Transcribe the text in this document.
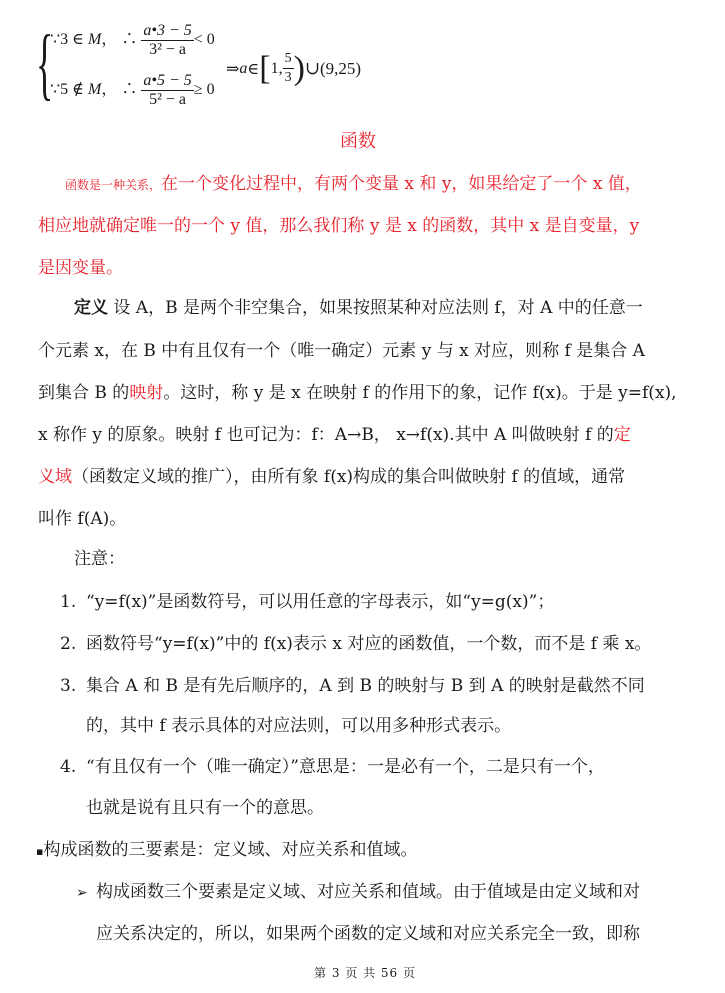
{
∵3 ∈ M， ∴ $\frac{a•3 - 5}{\text{3² − a}} < 0$
∵5 ∉ M， ∴ $\frac{a•5 - 5}{\text{5² − a}} \ge 0$
⇒ a ∈ [ 1, $\frac{5}{3}$ ) ∪ (9,25)
函数
函数是一种关系，在一个变化过程中，有两个变量 x 和 y，如果给定了一个 x 值，
相应地就确定唯一的一个 y 值，那么我们称 y 是 x 的函数，其中 x 是自变量，y
是因变量。
定义 设 A，B 是两个非空集合，如果按照某种对应法则 f，对 A 中的任意一
个元素 x，在 B 中有且仅有一个（唯一确定）元素 y 与 x 对应，则称 f 是集合 A
到集合 B 的映射。这时，称 y 是 x 在映射 f 的作用下的象，记作 f(x)。于是 y=f(x),
x 称作 y 的原象。映射 f 也可记为：f：A→B， x→f(x).其中 A 叫做映射 f 的定
义域（函数定义域的推广），由所有象 f(x)构成的集合叫做映射 f 的值域，通常
叫作 f(A)。
注意：
1. “y=f(x)”是函数符号，可以用任意的字母表示，如“y=g(x)”；
2. 函数符号“y=f(x)”中的 f(x)表示 x 对应的函数值，一个数，而不是 f 乘 x。
3. 集合 A 和 B 是有先后顺序的，A 到 B 的映射与 B 到 A 的映射是截然不同
的，其中 f 表示具体的对应法则，可以用多种形式表示。
4. “有且仅有一个（唯一确定）”意思是：一是必有一个，二是只有一个，
也就是说有且只有一个的意思。
▪构成函数的三要素是：定义域、对应关系和值域。
➢ 构成函数三个要素是定义域、对应关系和值域。由于值域是由定义域和对
应关系决定的，所以，如果两个函数的定义域和对应关系完全一致，即称
第 3 页 共 56 页
